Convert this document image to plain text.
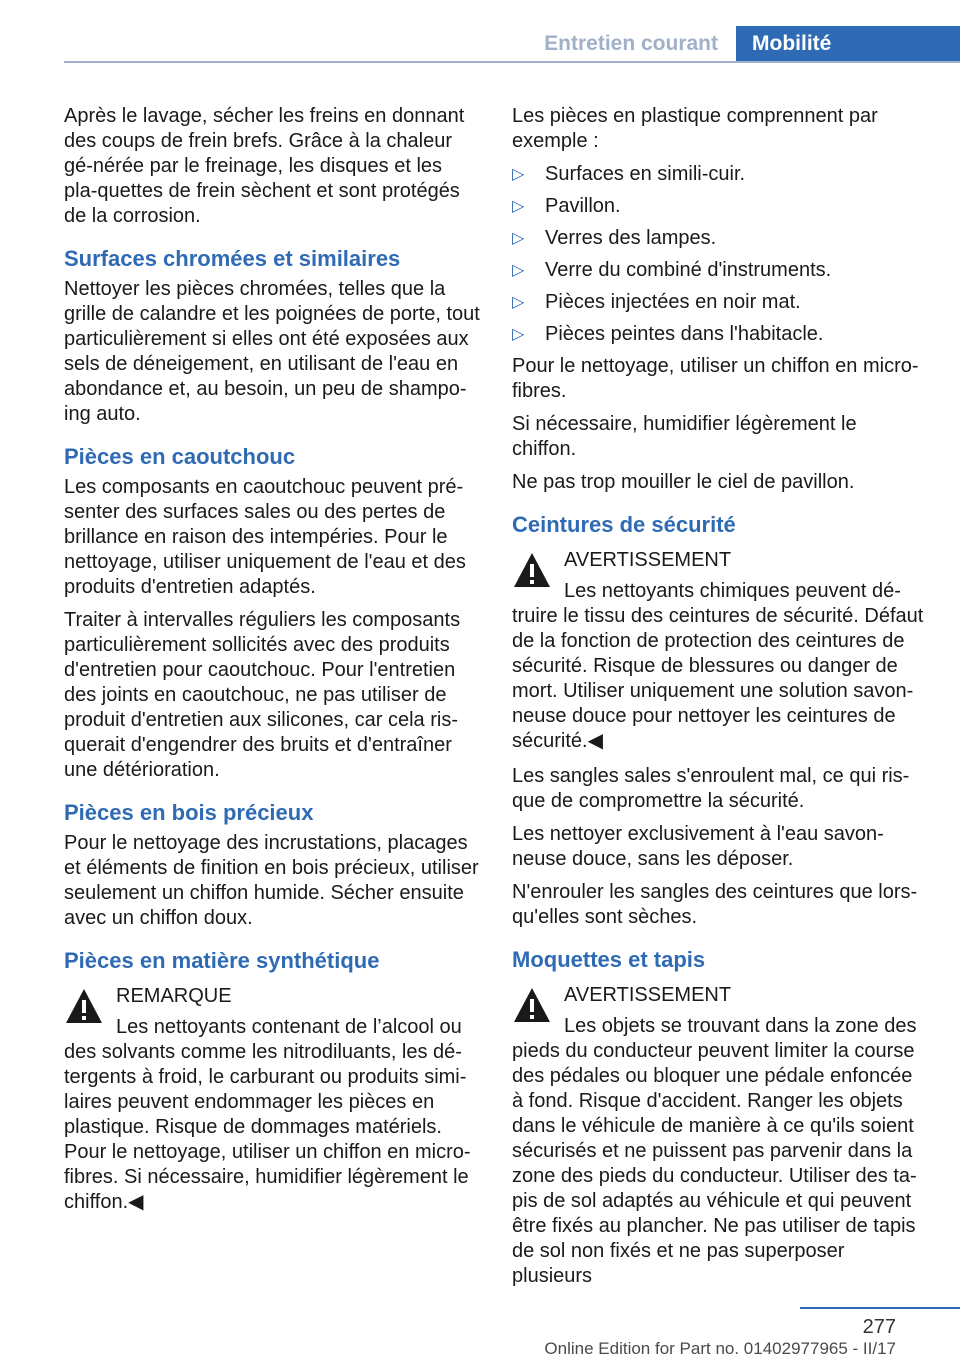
Entretien courant	Mobilité

Après le lavage, sécher les freins en donnant des coups de frein brefs. Grâce à la chaleur gé‐nérée par le freinage, les disques et les pla‐quettes de frein sèchent et sont protégés de la corrosion.

Surfaces chromées et similaires

Nettoyer les pièces chromées, telles que la grille de calandre et les poignées de porte, tout particulièrement si elles ont été exposées aux sels de déneigement, en utilisant de l'eau en abondance et, au besoin, un peu de shampo‐ing auto.

Pièces en caoutchouc

Les composants en caoutchouc peuvent pré‐senter des surfaces sales ou des pertes de brillance en raison des intempéries. Pour le nettoyage, utiliser uniquement de l'eau et des produits d'entretien adaptés.

Traiter à intervalles réguliers les composants particulièrement sollicités avec des produits d'entretien pour caoutchouc. Pour l'entretien des joints en caoutchouc, ne pas utiliser de produit d'entretien aux silicones, car cela ris‐querait d'engendrer des bruits et d'entraîner une détérioration.

Pièces en bois précieux

Pour le nettoyage des incrustations, placages et éléments de finition en bois précieux, utiliser seulement un chiffon humide. Sécher ensuite avec un chiffon doux.

Pièces en matière synthétique
REMARQUE

Les nettoyants contenant de l’alcool ou des solvants comme les nitrodiluants, les dé‐tergents à froid, le carburant ou produits simi‐laires peuvent endommager les pièces en plastique. Risque de dommages matériels. Pour le nettoyage, utiliser un chiffon en micro‐fibres. Si nécessaire, humidifier légèrement le chiffon.◀

Les pièces en plastique comprennent par exemple :

▷ Surfaces en simili-cuir.
▷ Pavillon.
▷ Verres des lampes.
▷ Verre du combiné d'instruments.
▷ Pièces injectées en noir mat.
▷ Pièces peintes dans l'habitacle.

Pour le nettoyage, utiliser un chiffon en micro‐fibres.

Si nécessaire, humidifier légèrement le chiffon.

Ne pas trop mouiller le ciel de pavillon.

Ceintures de sécurité
AVERTISSEMENT

Les nettoyants chimiques peuvent dé‐truire le tissu des ceintures de sécurité. Défaut de la fonction de protection des ceintures de sécurité. Risque de blessures ou danger de mort. Utiliser uniquement une solution savon‐neuse douce pour nettoyer les ceintures de sécurité.◀

Les sangles sales s'enroulent mal, ce qui ris‐que de compromettre la sécurité.

Les nettoyer exclusivement à l'eau savon‐neuse douce, sans les déposer.

N'enrouler les sangles des ceintures que lors‐qu'elles sont sèches.

Moquettes et tapis
AVERTISSEMENT

Les objets se trouvant dans la zone des pieds du conducteur peuvent limiter la course des pédales ou bloquer une pédale enfoncée à fond. Risque d'accident. Ranger les objets dans le véhicule de manière à ce qu'ils soient sécurisés et ne puissent pas parvenir dans la zone des pieds du conducteur. Utiliser des ta‐pis de sol adaptés au véhicule et qui peuvent être fixés au plancher. Ne pas utiliser de tapis de sol non fixés et ne pas superposer plusieurs

277
Online Edition for Part no. 01402977965 - II/17
